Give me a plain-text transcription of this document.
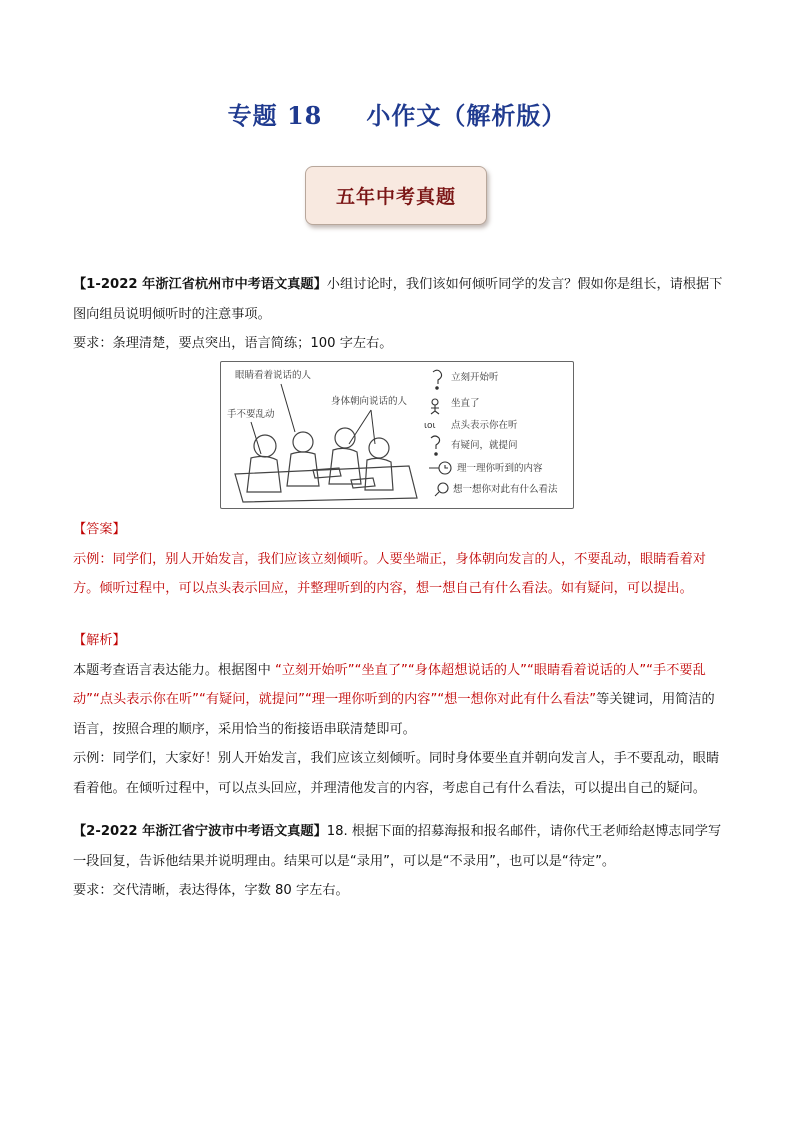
专题 18 小作文（解析版）
五年中考真题

【1-2022 年浙江省杭州市中考语文真题】小组讨论时，我们该如何倾听同学的发言？假如你是组长，请根据下图向组员说明倾听时的注意事项。

要求：条理清楚，要点突出，语言简练；100 字左右。

眼睛看着说话的人
身体朝向说话的人
手不要乱动
ɩoɩ
立刻开始听
坐直了
点头表示你在听
有疑问，就提问
理一理你听到的内容
想一想你对此有什么看法

【答案】

示例：同学们，别人开始发言，我们应该立刻倾听。人要坐端正，身体朝向发言的人，不要乱动，眼睛看着对方。倾听过程中，可以点头表示回应，并整理听到的内容，想一想自己有什么看法。如有疑问，可以提出。

【解析】

本题考查语言表达能力。根据图中 “立刻开始听”“坐直了”“身体超想说话的人”“眼睛看着说话的人”“手不要乱动”“点头表示你在听”“有疑问，就提问”“理一理你听到的内容”“想一想你对此有什么看法”等关键词，用简洁的语言，按照合理的顺序，采用恰当的衔接语串联清楚即可。

示例：同学们，大家好！别人开始发言，我们应该立刻倾听。同时身体要坐直并朝向发言人，手不要乱动，眼睛看着他。在倾听过程中，可以点头回应，并理清他发言的内容，考虑自己有什么看法，可以提出自己的疑问。

【2-2022 年浙江省宁波市中考语文真题】18. 根据下面的招募海报和报名邮件，请你代王老师给赵博志同学写一段回复，告诉他结果并说明理由。结果可以是“录用”，可以是“不录用”，也可以是“待定”。

要求：交代清晰，表达得体，字数 80 字左右。
